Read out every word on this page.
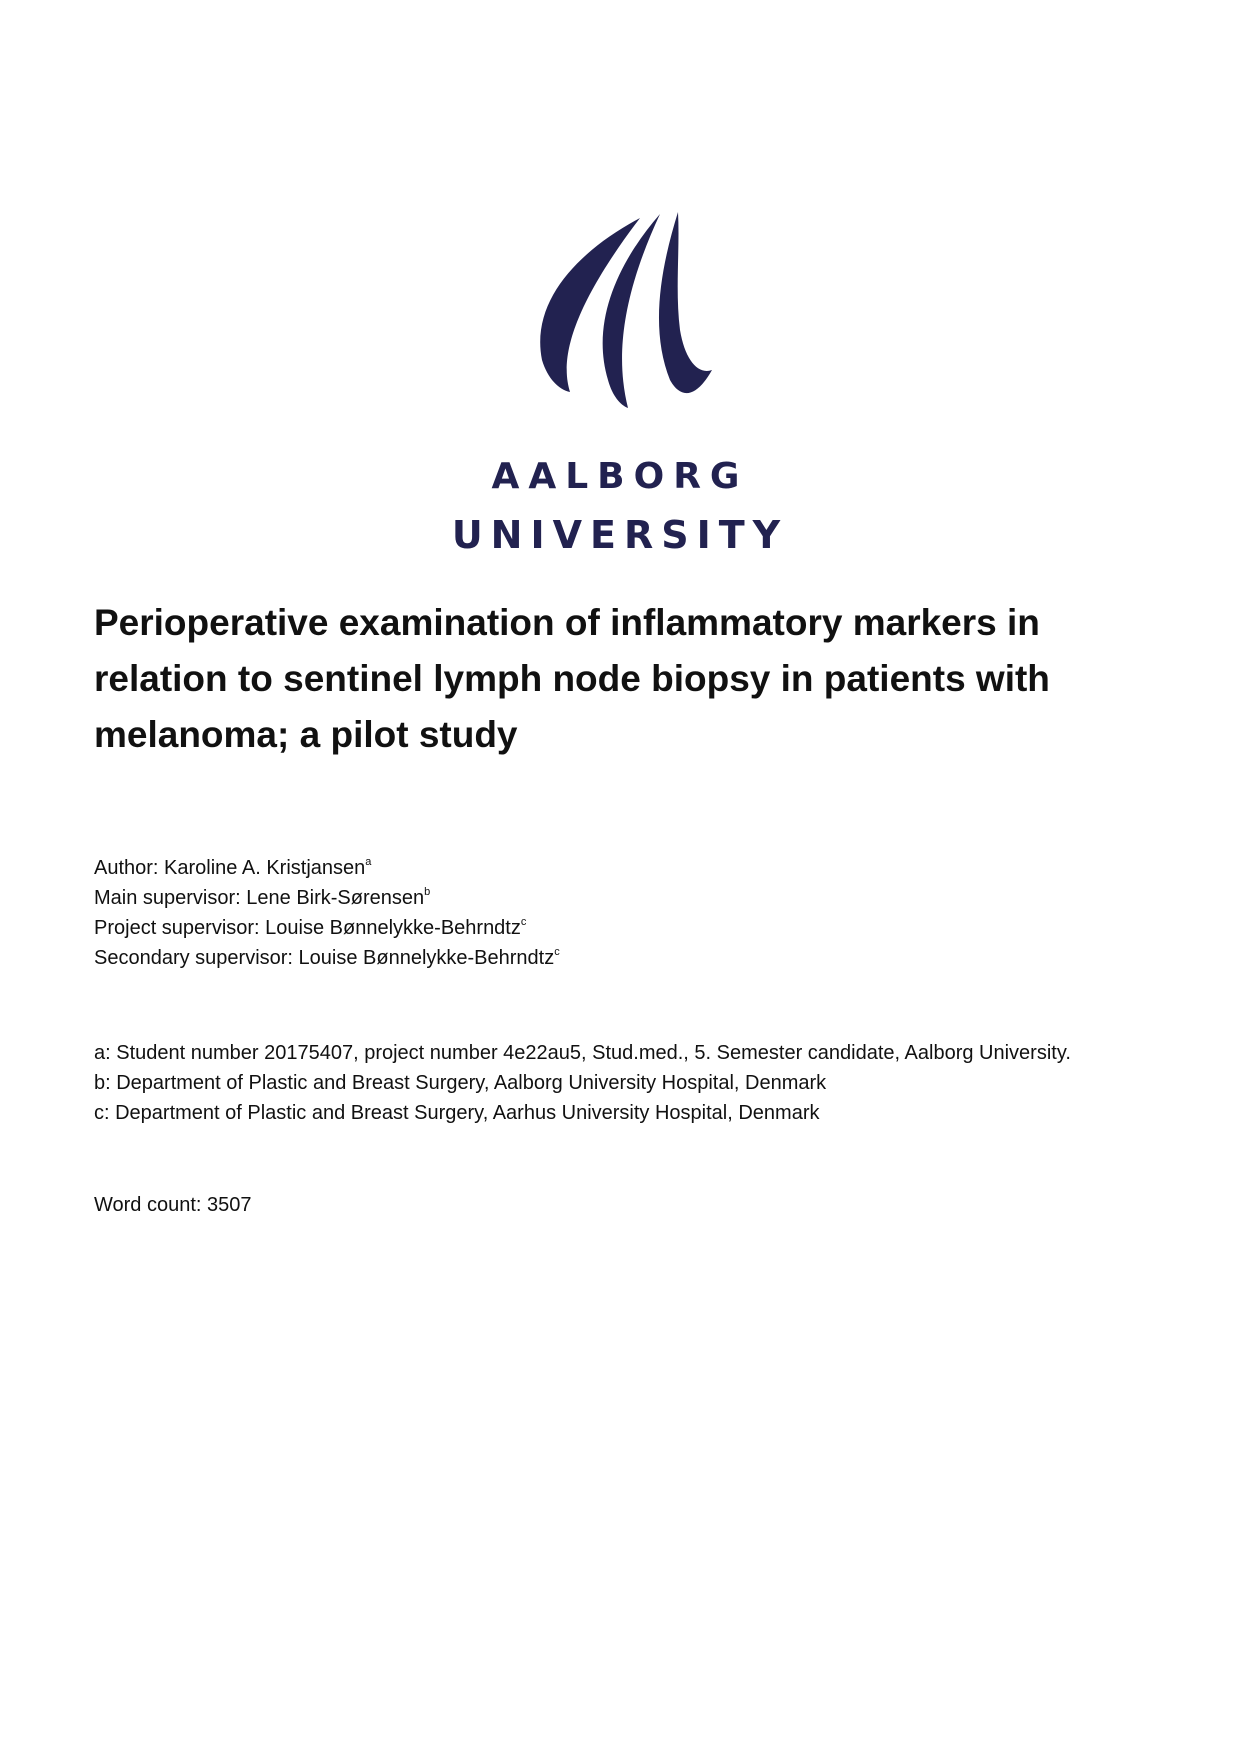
AALBORG
UNIVERSITY
Perioperative examination of inflammatory markers in relation to sentinel lymph node biopsy in patients with melanoma; a pilot study
Author: Karoline A. Kristjansen$^a$
Main supervisor: Lene Birk-Sørensen$^b$
Project supervisor: Louise Bønnelykke-Behrndtz$^c$
Secondary supervisor: Louise Bønnelykke-Behrndtz$^c$
a: Student number 20175407, project number 4e22au5, Stud.med., 5. Semester candidate, Aalborg University.
b: Department of Plastic and Breast Surgery, Aalborg University Hospital, Denmark
c: Department of Plastic and Breast Surgery, Aarhus University Hospital, Denmark
Word count: 3507
